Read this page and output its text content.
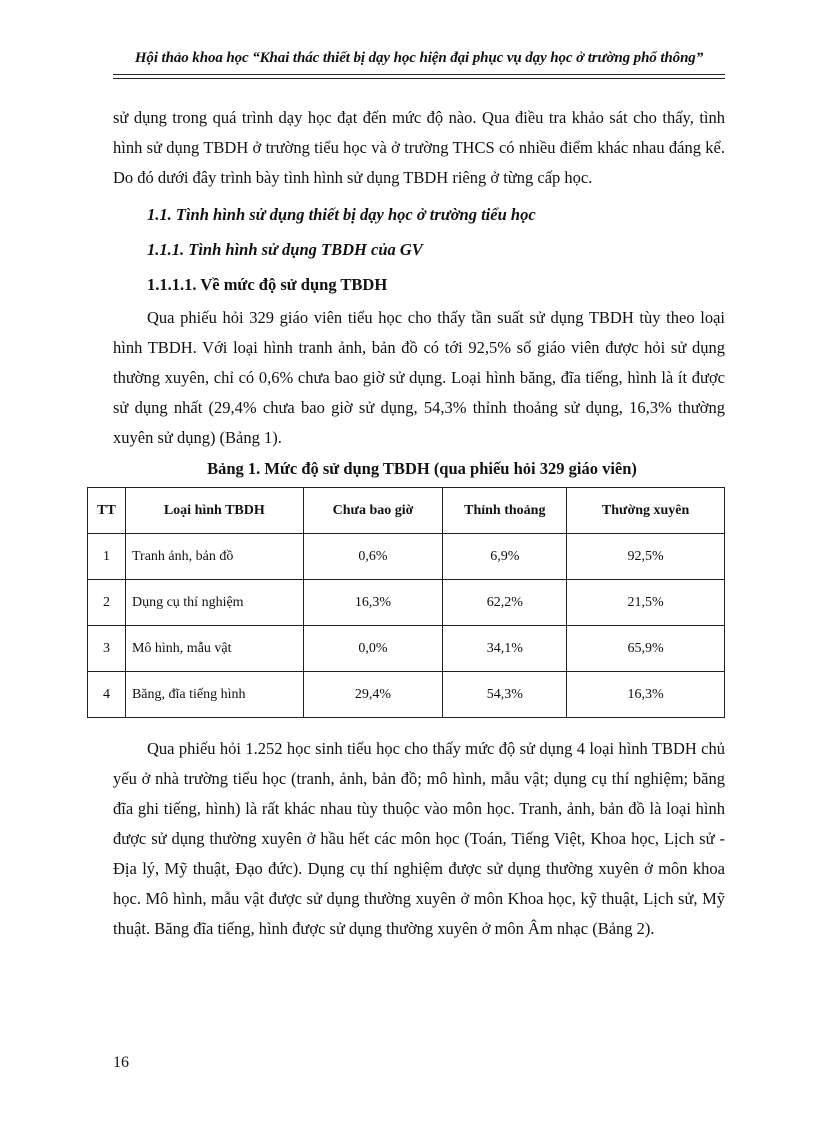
Hội thảo khoa học “Khai thác thiết bị dạy học hiện đại phục vụ dạy học ở trường phổ thông”

sử dụng trong quá trình dạy học đạt đến mức độ nào. Qua điều tra khảo sát cho thấy, tình hình sử dụng TBDH ở trường tiểu học và ở trường THCS có nhiều điểm khác nhau đáng kể. Do đó dưới đây trình bày tình hình sử dụng TBDH riêng ở từng cấp học.

1.1. Tình hình sử dụng thiết bị dạy học ở trường tiểu học

1.1.1. Tình hình sử dụng TBDH của GV

1.1.1.1. Về mức độ sử dụng TBDH

Qua phiếu hỏi 329 giáo viên tiểu học cho thấy tần suất sử dụng TBDH tùy theo loại hình TBDH. Với loại hình tranh ảnh, bản đồ có tới 92,5% số giáo viên được hỏi sử dụng thường xuyên, chỉ có 0,6% chưa bao giờ sử dụng. Loại hình băng, đĩa tiếng, hình là ít được sử dụng nhất (29,4% chưa bao giờ sử dụng, 54,3% thỉnh thoảng sử dụng, 16,3% thường xuyên sử dụng) (Bảng 1).

Bảng 1. Mức độ sử dụng TBDH (qua phiếu hỏi 329 giáo viên)
TT	Loại hình TBDH	Chưa bao giờ	Thỉnh thoảng	Thường xuyên
1	Tranh ảnh, bản đồ	0,6%	6,9%	92,5%
2	Dụng cụ thí nghiệm	16,3%	62,2%	21,5%
3	Mô hình, mẫu vật	0,0%	34,1%	65,9%
4	Băng, đĩa tiếng hình	29,4%	54,3%	16,3%

Qua phiếu hỏi 1.252 học sinh tiểu học cho thấy mức độ sử dụng 4 loại hình TBDH chủ yếu ở nhà trường tiểu học (tranh, ảnh, bản đồ; mô hình, mẫu vật; dụng cụ thí nghiệm; băng đĩa ghi tiếng, hình) là rất khác nhau tùy thuộc vào môn học. Tranh, ảnh, bản đồ là loại hình được sử dụng thường xuyên ở hầu hết các môn học (Toán, Tiếng Việt, Khoa học, Lịch sử - Địa lý, Mỹ thuật, Đạo đức). Dụng cụ thí nghiệm được sử dụng thường xuyên ở môn khoa học. Mô hình, mẫu vật được sử dụng thường xuyên ở môn Khoa học, kỹ thuật, Lịch sử, Mỹ thuật. Băng đĩa tiếng, hình được sử dụng thường xuyên ở môn Âm nhạc (Bảng 2).

16
